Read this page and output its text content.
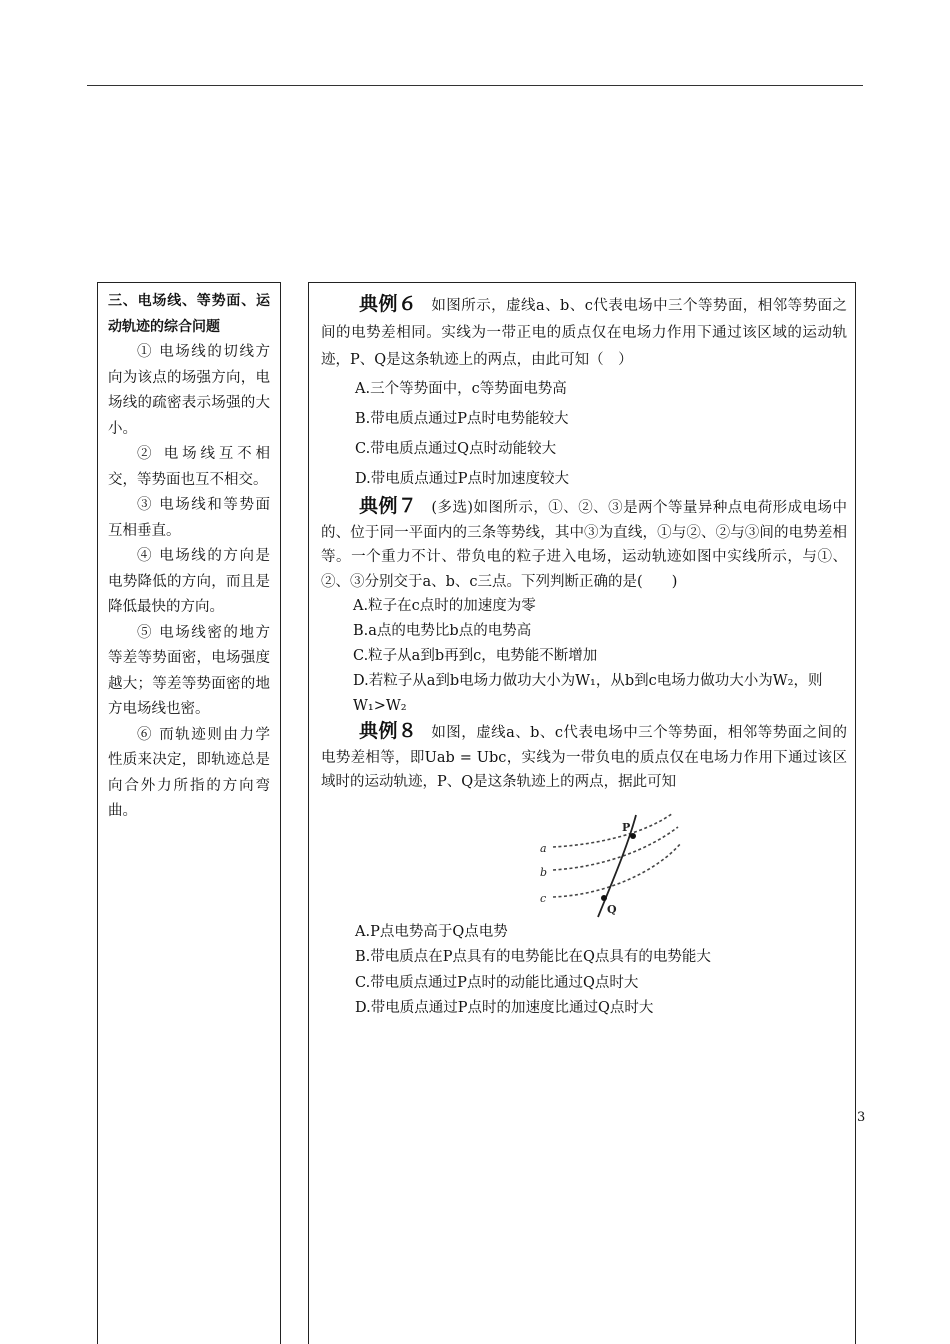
三、电场线、等势面、运动轨迹的综合问题

① 电场线的切线方向为该点的场强方向，电场线的疏密表示场强的大小。

② 电场线互不相交，等势面也互不相交。

③ 电场线和等势面互相垂直。

④ 电场线的方向是电势降低的方向，而且是降低最快的方向。

⑤ 电场线密的地方等差等势面密，电场强度越大；等差等势面密的地方电场线也密。

⑥ 而轨迹则由力学性质来决定，即轨迹总是向合外力所指的方向弯曲。

典例６ 如图所示，虚线a、b、c代表电场中三个等势面，相邻等势面之间的电势差相同。实线为一带正电的质点仅在电场力作用下通过该区域的运动轨迹，P、Q是这条轨迹上的两点，由此可知（　）

A.三个等势面中，c等势面电势高

B.带电质点通过P点时电势能较大

C.带电质点通过Q点时动能较大

D.带电质点通过P点时加速度较大

典例７ (多选)如图所示，①、②、③是两个等量异种点电荷形成电场中的、位于同一平面内的三条等势线，其中③为直线，①与②、②与③间的电势差相等。一个重力不计、带负电的粒子进入电场，运动轨迹如图中实线所示，与①、②、③分别交于a、b、c三点。下列判断正确的是(　　)

A.粒子在c点时的加速度为零

B.a点的电势比b点的电势高

C.粒子从a到b再到c，电势能不断增加

D.若粒子从a到b电场力做功大小为W₁，从b到c电场力做功大小为W₂，则W₁>W₂

典例８ 如图，虚线a、b、c代表电场中三个等势面，相邻等势面之间的电势差相等，即Uab = Ubc，实线为一带负电的质点仅在电场力作用下通过该区域时的运动轨迹，P、Q是这条轨迹上的两点，据此可知

a
b
c
P
Q

A.P点电势高于Q点电势

B.带电质点在P点具有的电势能比在Q点具有的电势能大

C.带电质点通过P点时的动能比通过Q点时大

D.带电质点通过P点时的加速度比通过Q点时大

3
